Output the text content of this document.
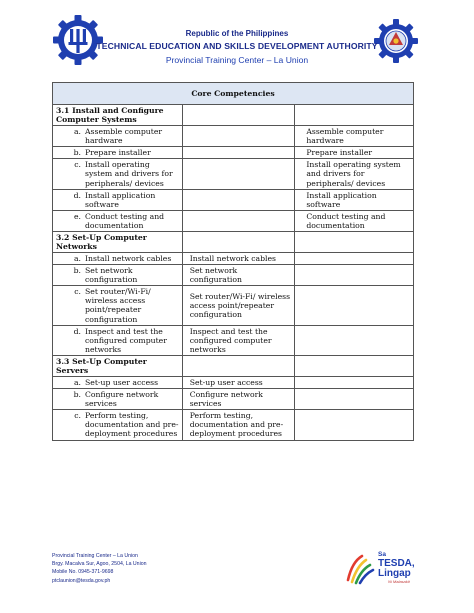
Republic of the Philippines
TECHNICAL EDUCATION AND SKILLS DEVELOPMENT AUTHORITY
Provincial Training Center – La Union
Core Competencies		
3.1 Install and Configure Computer Systems		

a. Assemble computer hardware		Assemble computer hardware

b. Prepare installer		Prepare installer

c. Install operating system and drivers for peripherals/ devices		Install operating system and drivers for peripherals/ devices

d. Install application software		Install application software

e. Conduct testing and documentation		Conduct testing and documentation

3.2 Set-Up Computer Networks		

a. Install network cables	Install network cables	

b. Set network configuration	Set network configuration	

c. Set router/Wi-Fi/ wireless access point/repeater configuration	Set router/Wi-Fi/ wireless access point/repeater configuration	

d. Inspect and test the configured computer networks	Inspect and test the configured computer networks	

3.3 Set-Up Computer Servers		

a. Set-up user access	Set-up user access	

b. Configure network services	Configure network services	

c. Perform testing, documentation and pre-deployment procedures	Perform testing, documentation and pre-deployment procedures	

Provincial Training Center – La Union
Brgy. Macalva Sur, Agoo, 2504, La Union
Mobile No. 0945-371-9698
ptclaunion@tesda.gov.ph
Sa
TESDA,
Lingap
Ni Malasakit
